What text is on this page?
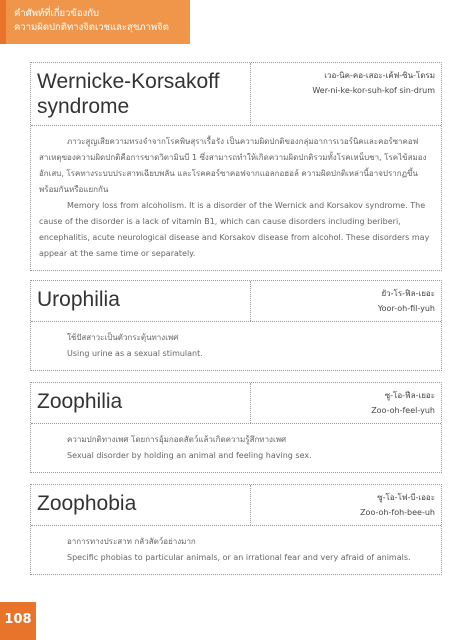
คำศัพท์ที่เกี่ยวข้องกับ
ความผิดปกติทางจิตเวชและสุขภาพจิต
Wernicke-Korsakoff syndrome
เวอ-นิค-คอ-เสอะ-เค้ฟ-ซิน-โดรม
Wer-ni-ke-kor-suh-kof sin-drum
ภาวะสูญเสียความทรงจำจากโรคพิษสุราเรื้อรัง เป็นความผิดปกติของกลุ่มอาการเวอร์นิคและคอร์ซาคอฟ สาเหตุของความผิดปกติคือการขาดวิตามินบี 1 ซึ่งสามารถทำให้เกิดความผิดปกติรวมทั้งโรคเหน็บชา, โรคไข้สมองอักเสบ, โรคทางระบบประสาทเฉียบพลัน และโรคคอร์ซาคอฟจากแอลกอฮอล์ ความผิดปกติเหล่านี้อาจปรากฏขึ้นพร้อมกันหรือแยกกัน
Memory loss from alcoholism. It is a disorder of the Wernick and Korsakov syndrome. The cause of the disorder is a lack of vitamin B1, which can cause disorders including beriberi, encephalitis, acute neurological disease and Korsakov disease from alcohol. These disorders may appear at the same time or separately.
Urophilia	ยัว-โร-ฟิล-เยอะ
Yoor-oh-fil-yuh
ใช้ปัสสาวะเป็นตัวกระตุ้นทางเพศ
Using urine as a sexual stimulant.
Zoophilia	ซู-โอ-ฟีล-เยอะ
Zoo-oh-feel-yuh
ความปกติทางเพศ โดยการอุ้มกอดสัตว์แล้วเกิดความรู้สึกทางเพศ
Sexual disorder by holding an animal and feeling having sex.
Zoophobia	ซู-โอ-โฟ-บี-เออะ
Zoo-oh-foh-bee-uh
อาการทางประสาท กลัวสัตว์อย่างมาก
Specific phobias to particular animals, or an irrational fear and very afraid of animals.
108
